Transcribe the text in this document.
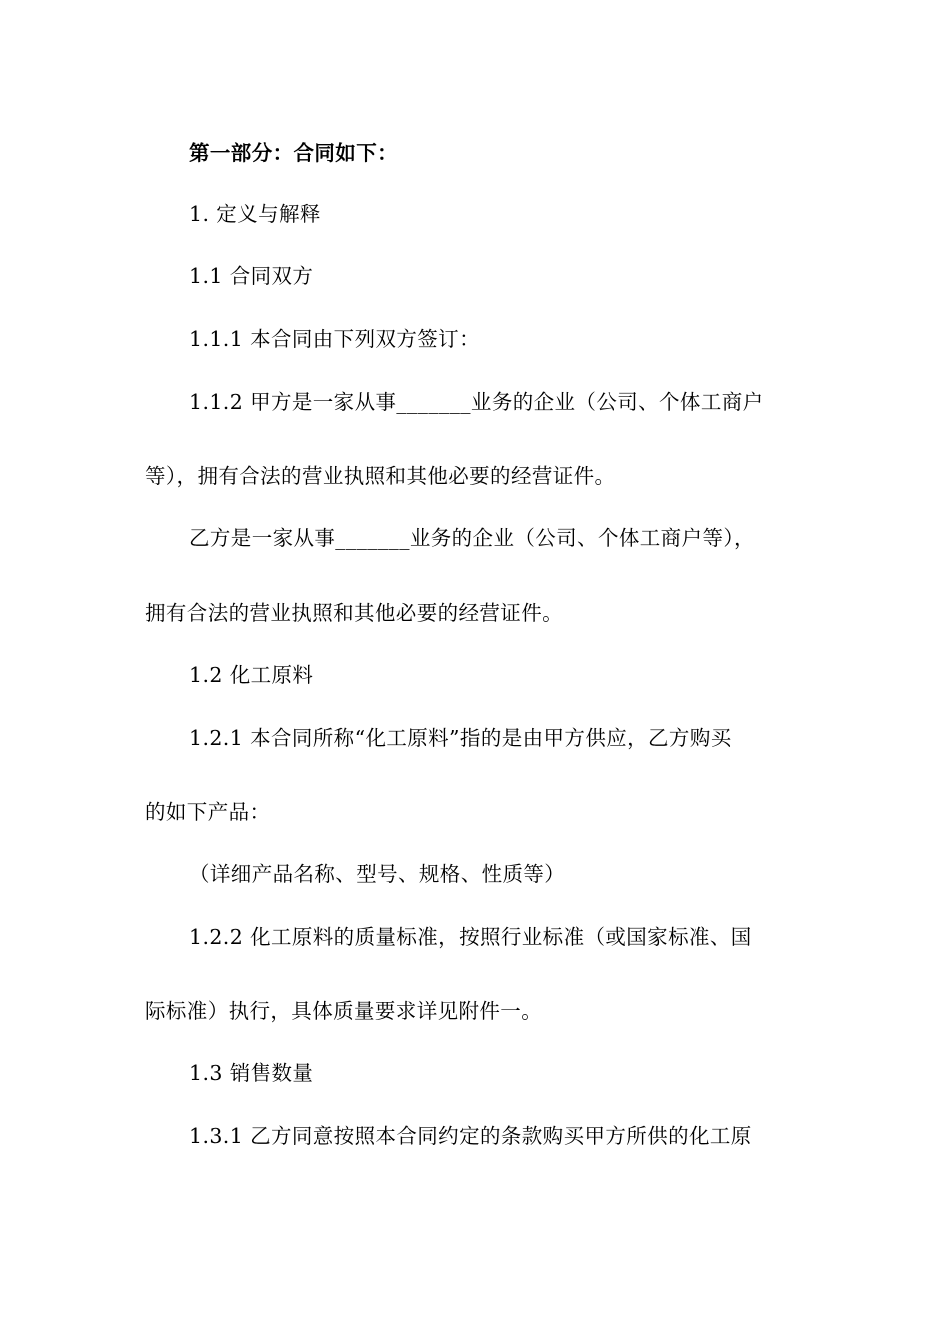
第一部分：合同如下：
1. 定义与解释
1.1 合同双方
1.1.1 本合同由下列双方签订：
1.1.2 甲方是一家从事_______业务的企业（公司、个体工商户
等），拥有合法的营业执照和其他必要的经营证件。
乙方是一家从事_______业务的企业（公司、个体工商户等），
拥有合法的营业执照和其他必要的经营证件。
1.2 化工原料
1.2.1 本合同所称“化工原料”指的是由甲方供应，乙方购买
的如下产品：
（详细产品名称、型号、规格、性质等）
1.2.2 化工原料的质量标准，按照行业标准（或国家标准、国
际标准）执行，具体质量要求详见附件一。
1.3 销售数量
1.3.1 乙方同意按照本合同约定的条款购买甲方所供的化工原
